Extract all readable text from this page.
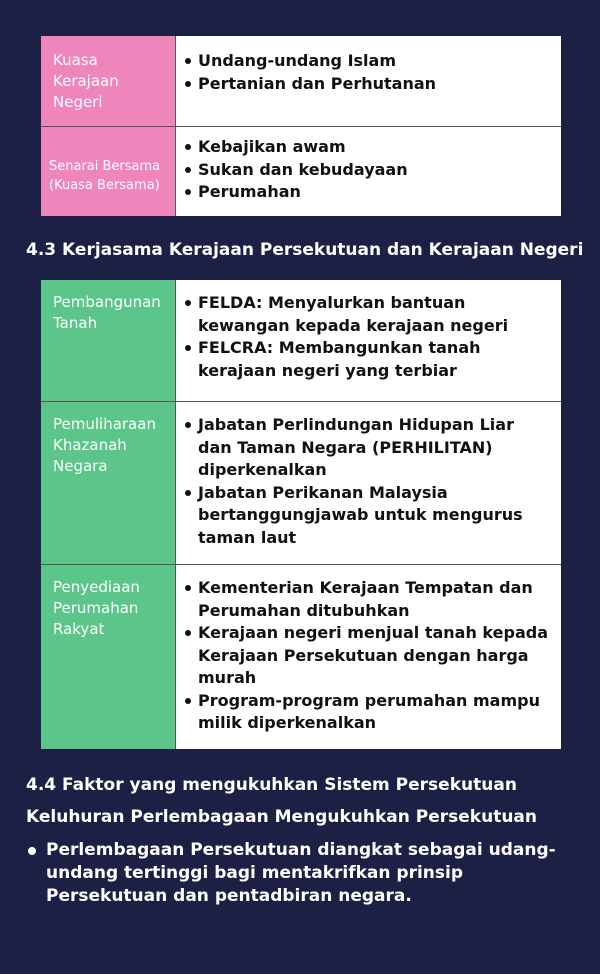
Kuasa Kerajaan Negeri
Undang-undang Islam
Pertanian dan Perhutanan
Senarai Bersama (Kuasa Bersama)
Kebajikan awam
Sukan dan kebudayaan
Perumahan
4.3 Kerjasama Kerajaan Persekutuan dan Kerajaan Negeri
Pembangunan Tanah
FELDA: Menyalurkan bantuan kewangan kepada kerajaan negeri
FELCRA: Membangunkan tanah kerajaan negeri yang terbiar
Pemuliharaan Khazanah Negara
Jabatan Perlindungan Hidupan Liar dan Taman Negara (PERHILITAN) diperkenalkan
Jabatan Perikanan Malaysia bertanggungjawab untuk mengurus taman laut
Penyediaan Perumahan Rakyat
Kementerian Kerajaan Tempatan dan Perumahan ditubuhkan
Kerajaan negeri menjual tanah kepada Kerajaan Persekutuan dengan harga murah
Program-program perumahan mampu milik diperkenalkan
4.4 Faktor yang mengukuhkan Sistem Persekutuan
Keluhuran Perlembagaan Mengukuhkan Persekutuan
Perlembagaan Persekutuan diangkat sebagai udang-undang tertinggi bagi mentakrifkan prinsip Persekutuan dan pentadbiran negara.
